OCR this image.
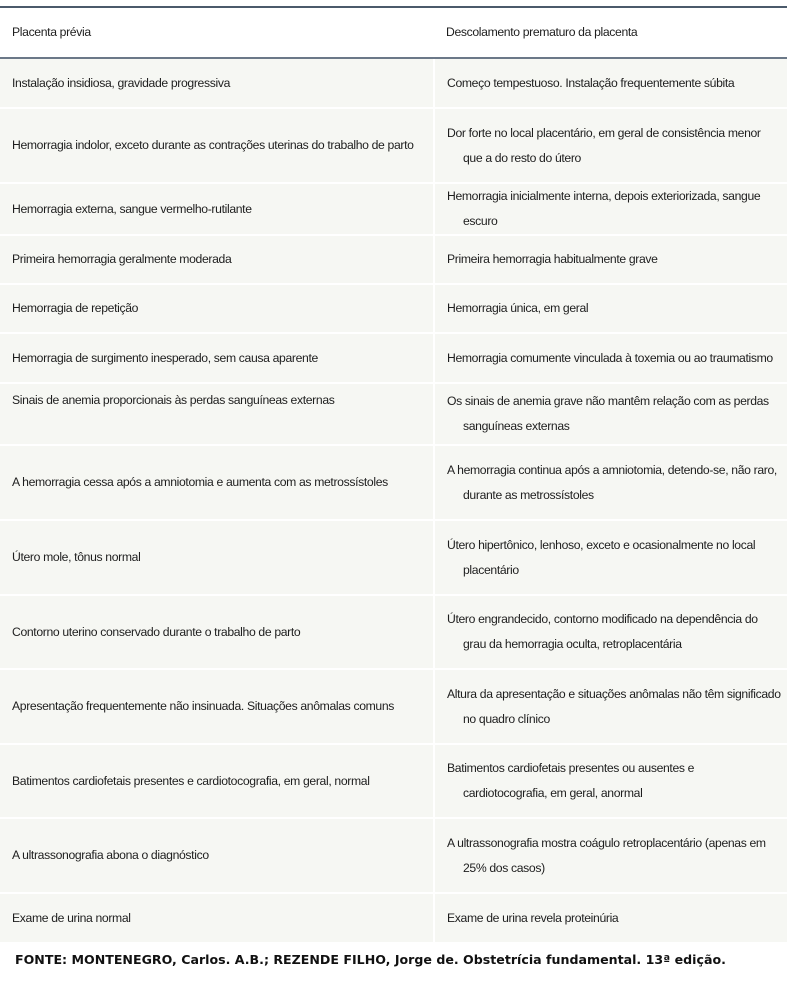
Placenta prévia	Descolamento prematuro da placenta
Instalação insidiosa, gravidade progressiva	Começo tempestuoso. Instalação frequentemente súbita

Hemorragia indolor, exceto durante as contrações uterinas do trabalho de parto	Dor forte no local placentário, em geral de consistência menor que a do resto do útero

Hemorragia externa, sangue vermelho-rutilante	Hemorragia inicialmente interna, depois exteriorizada, sangue escuro

Primeira hemorragia geralmente moderada	Primeira hemorragia habitualmente grave

Hemorragia de repetição	Hemorragia única, em geral

Hemorragia de surgimento inesperado, sem causa aparente	Hemorragia comumente vinculada à toxemia ou ao traumatismo

Sinais de anemia proporcionais às perdas sanguíneas externas	Os sinais de anemia grave não mantêm relação com as perdas sanguíneas externas

A hemorragia cessa após a amniotomia e aumenta com as metrossístoles	A hemorragia continua após a amniotomia, detendo-se, não raro, durante as metrossístoles

Útero mole, tônus normal	Útero hipertônico, lenhoso, exceto e ocasionalmente no local placentário

Contorno uterino conservado durante o trabalho de parto	Útero engrandecido, contorno modificado na dependência do grau da hemorragia oculta, retroplacentária

Apresentação frequentemente não insinuada. Situações anômalas comuns	Altura da apresentação e situações anômalas não têm significado no quadro clínico

Batimentos cardiofetais presentes e cardiotocografia, em geral, normal	Batimentos cardiofetais presentes ou ausentes e cardiotocografia, em geral, anormal

A ultrassonografia abona o diagnóstico	A ultrassonografia mostra coágulo retroplacentário (apenas em 25% dos casos)

Exame de urina normal	Exame de urina revela proteinúria
FONTE: MONTENEGRO, Carlos. A.B.; REZENDE FILHO, Jorge de. Obstetrícia fundamental. 13ª edição.
